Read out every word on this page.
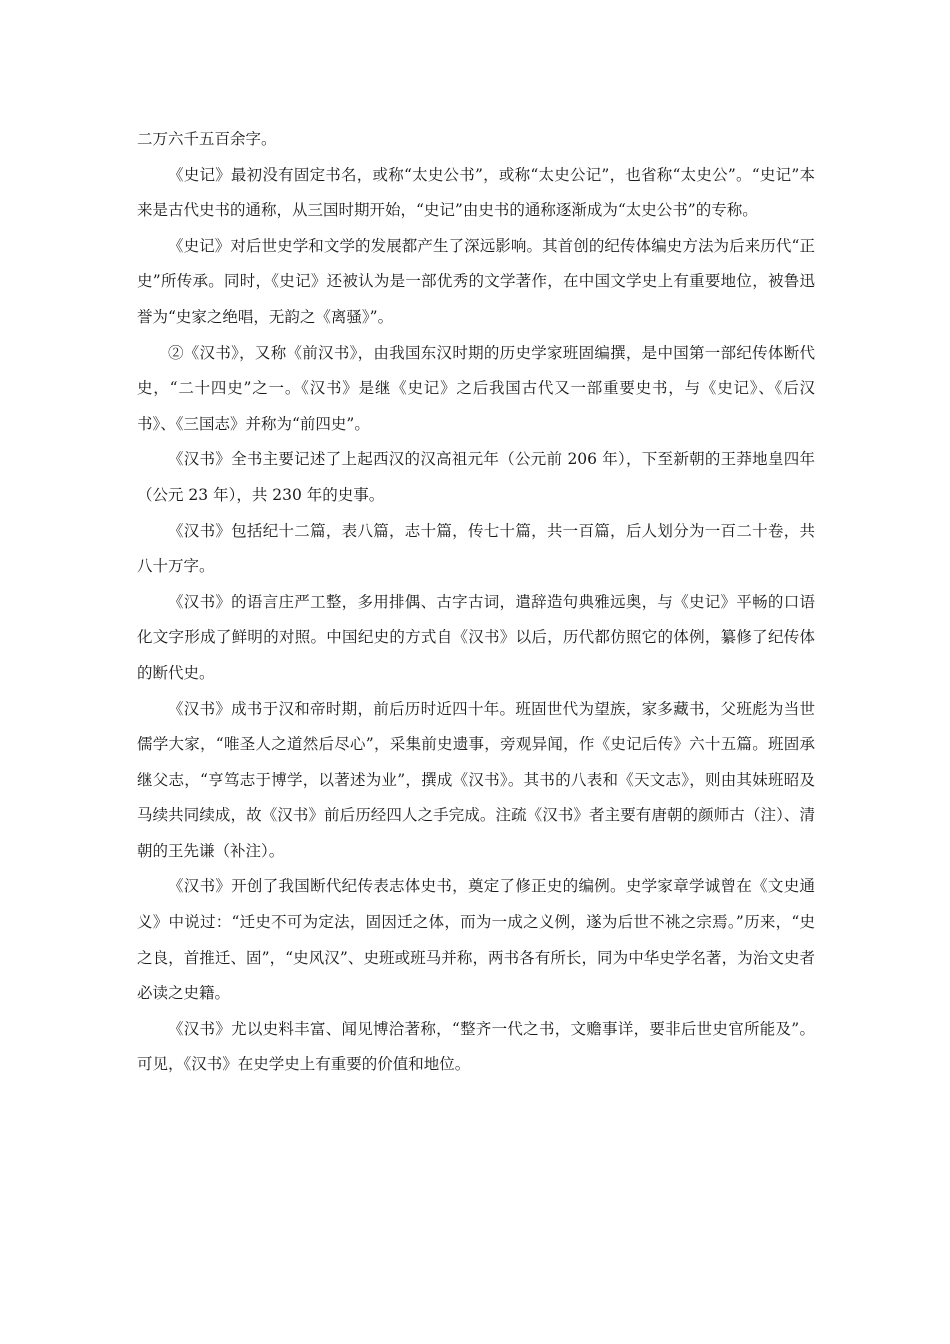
二万六千五百余字。

《史记》最初没有固定书名，或称“太史公书”，或称“太史公记”，也省称“太史公”。“史记”本来是古代史书的通称，从三国时期开始，“史记”由史书的通称逐渐成为“太史公书”的专称。

《史记》对后世史学和文学的发展都产生了深远影响。其首创的纪传体编史方法为后来历代“正史”所传承。同时，《史记》还被认为是一部优秀的文学著作，在中国文学史上有重要地位，被鲁迅誉为“史家之绝唱，无韵之《离骚》”。

②《汉书》，又称《前汉书》，由我国东汉时期的历史学家班固编撰，是中国第一部纪传体断代史，“二十四史”之一。《汉书》是继《史记》之后我国古代又一部重要史书，与《史记》、《后汉书》、《三国志》并称为“前四史”。

《汉书》全书主要记述了上起西汉的汉高祖元年（公元前 206 年），下至新朝的王莽地皇四年（公元 23 年），共 230 年的史事。

《汉书》包括纪十二篇，表八篇，志十篇，传七十篇，共一百篇，后人划分为一百二十卷，共八十万字。

《汉书》的语言庄严工整，多用排偶、古字古词，遣辞造句典雅远奥，与《史记》平畅的口语化文字形成了鲜明的对照。中国纪史的方式自《汉书》以后，历代都仿照它的体例，纂修了纪传体的断代史。

《汉书》成书于汉和帝时期，前后历时近四十年。班固世代为望族，家多藏书，父班彪为当世儒学大家，“唯圣人之道然后尽心”，采集前史遗事，旁观异闻，作《史记后传》六十五篇。班固承继父志，“亨笃志于博学，以著述为业”，撰成《汉书》。其书的八表和《天文志》，则由其妹班昭及马续共同续成，故《汉书》前后历经四人之手完成。注疏《汉书》者主要有唐朝的颜师古（注）、清朝的王先谦（补注）。

《汉书》开创了我国断代纪传表志体史书，奠定了修正史的编例。史学家章学诚曾在《文史通义》中说过：“迁史不可为定法，固因迁之体，而为一成之义例，遂为后世不祧之宗焉。”历来，“史之良，首推迁、固”，“史风汉”、史班或班马并称，两书各有所长，同为中华史学名著，为治文史者必读之史籍。

《汉书》尤以史料丰富、闻见博洽著称，“整齐一代之书，文赡事详，要非后世史官所能及”。可见，《汉书》在史学史上有重要的价值和地位。
